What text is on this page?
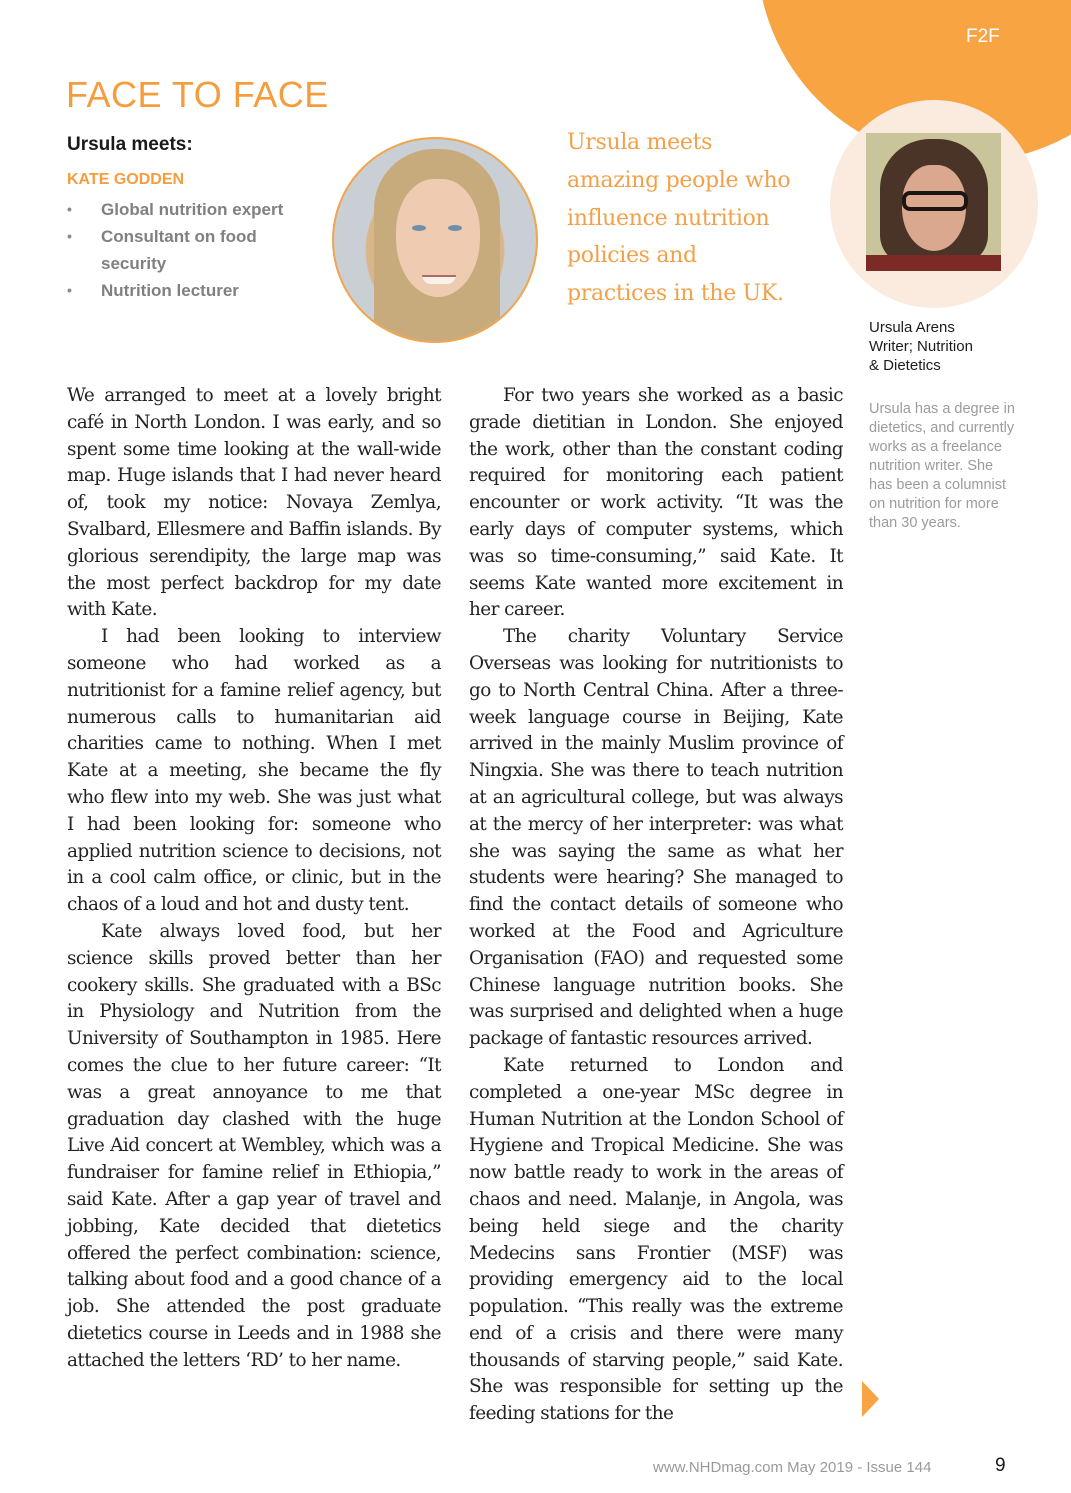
F2F
FACE TO FACE
Ursula meets:
KATE GODDEN
• Global nutrition expert
• Consultant on food security
• Nutrition lecturer
Ursula meets amazing people who influence nutrition policies and practices in the UK.
Ursula Arens
Writer; Nutrition
& Dietetics
Ursula has a degree in dietetics, and currently works as a freelance nutrition writer. She has been a columnist on nutrition for more than 30 years.

We arranged to meet at a lovely bright café in North London. I was early, and so spent some time looking at the wall-wide map. Huge islands that I had never heard of, took my notice: Novaya Zemlya, Svalbard, Ellesmere and Baffin islands. By glorious serendipity, the large map was the most perfect backdrop for my date with Kate.

I had been looking to interview someone who had worked as a nutritionist for a famine relief agency, but numerous calls to humanitarian aid charities came to nothing. When I met Kate at a meeting, she became the fly who flew into my web. She was just what I had been looking for: someone who applied nutrition science to decisions, not in a cool calm office, or clinic, but in the chaos of a loud and hot and dusty tent.

Kate always loved food, but her science skills proved better than her cookery skills. She graduated with a BSc in Physiology and Nutrition from the University of Southampton in 1985. Here comes the clue to her future career: “It was a great annoyance to me that graduation day clashed with the huge Live Aid concert at Wembley, which was a fundraiser for famine relief in Ethiopia,” said Kate. After a gap year of travel and jobbing, Kate decided that dietetics offered the perfect combination: science, talking about food and a good chance of a job. She attended the post graduate dietetics course in Leeds and in 1988 she attached the letters ‘RD’ to her name.

For two years she worked as a basic grade dietitian in London. She enjoyed the work, other than the constant coding required for monitoring each patient encounter or work activity. “It was the early days of computer systems, which was so time-consuming,” said Kate. It seems Kate wanted more excitement in her career.

The charity Voluntary Service Overseas was looking for nutritionists to go to North Central China. After a three-week language course in Beijing, Kate arrived in the mainly Muslim province of Ningxia. She was there to teach nutrition at an agricultural college, but was always at the mercy of her interpreter: was what she was saying the same as what her students were hearing? She managed to find the contact details of someone who worked at the Food and Agriculture Organisation (FAO) and requested some Chinese language nutrition books. She was surprised and delighted when a huge package of fantastic resources arrived.

Kate returned to London and completed a one-year MSc degree in Human Nutrition at the London School of Hygiene and Tropical Medicine. She was now battle ready to work in the areas of chaos and need. Malanje, in Angola, was being held siege and the charity Medecins sans Frontier (MSF) was providing emergency aid to the local population. “This really was the extreme end of a crisis and there were many thousands of starving people,” said Kate. She was responsible for setting up the feeding stations for the

www.NHDmag.com May 2019 - Issue 144	9
